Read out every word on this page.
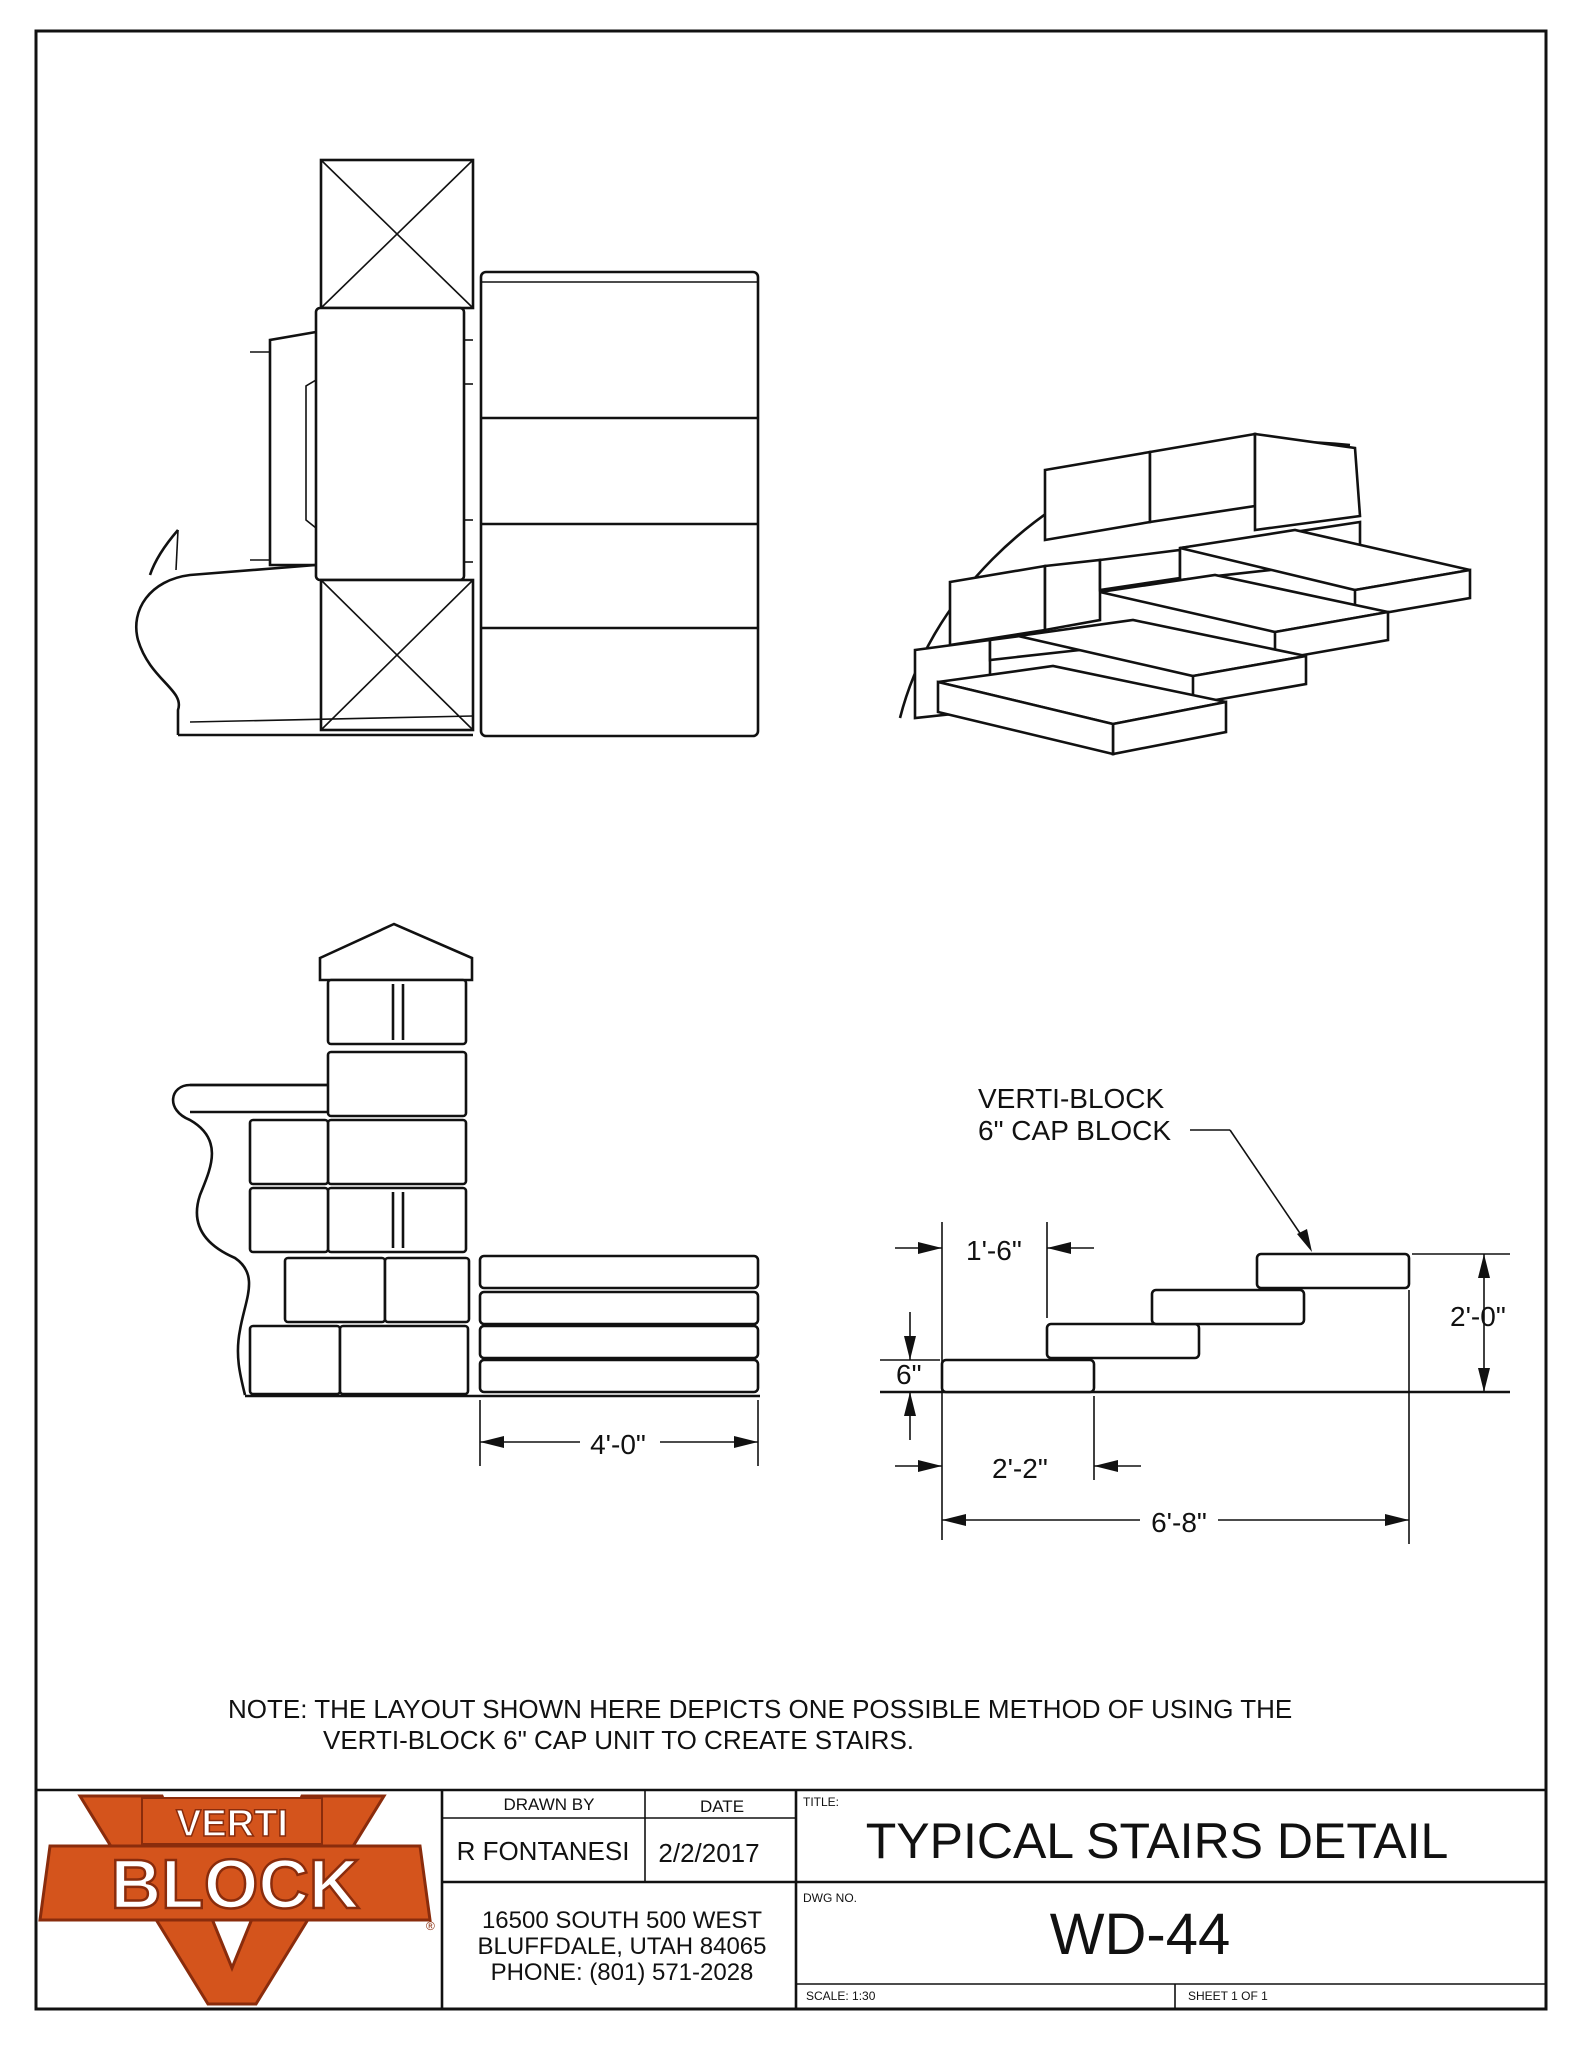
4'-0"
VERTI-BLOCK
6" CAP BLOCK
1'-6"
2'-0"
6"
2'-2"
6'-8"
NOTE: THE LAYOUT SHOWN HERE DEPICTS ONE POSSIBLE METHOD OF USING THE
VERTI-BLOCK 6" CAP UNIT TO CREATE STAIRS.
DRAWN BY	DATE
R FONTANESI 2/2/2017
16500 SOUTH 500 WEST
BLUFFDALE, UTAH 84065
PHONE: (801) 571-2028
TITLE:
TYPICAL STAIRS DETAIL
DWG NO.
WD-44
SCALE: 1:30	SHEET 1 OF 1
VERTI
BLOCK
®
